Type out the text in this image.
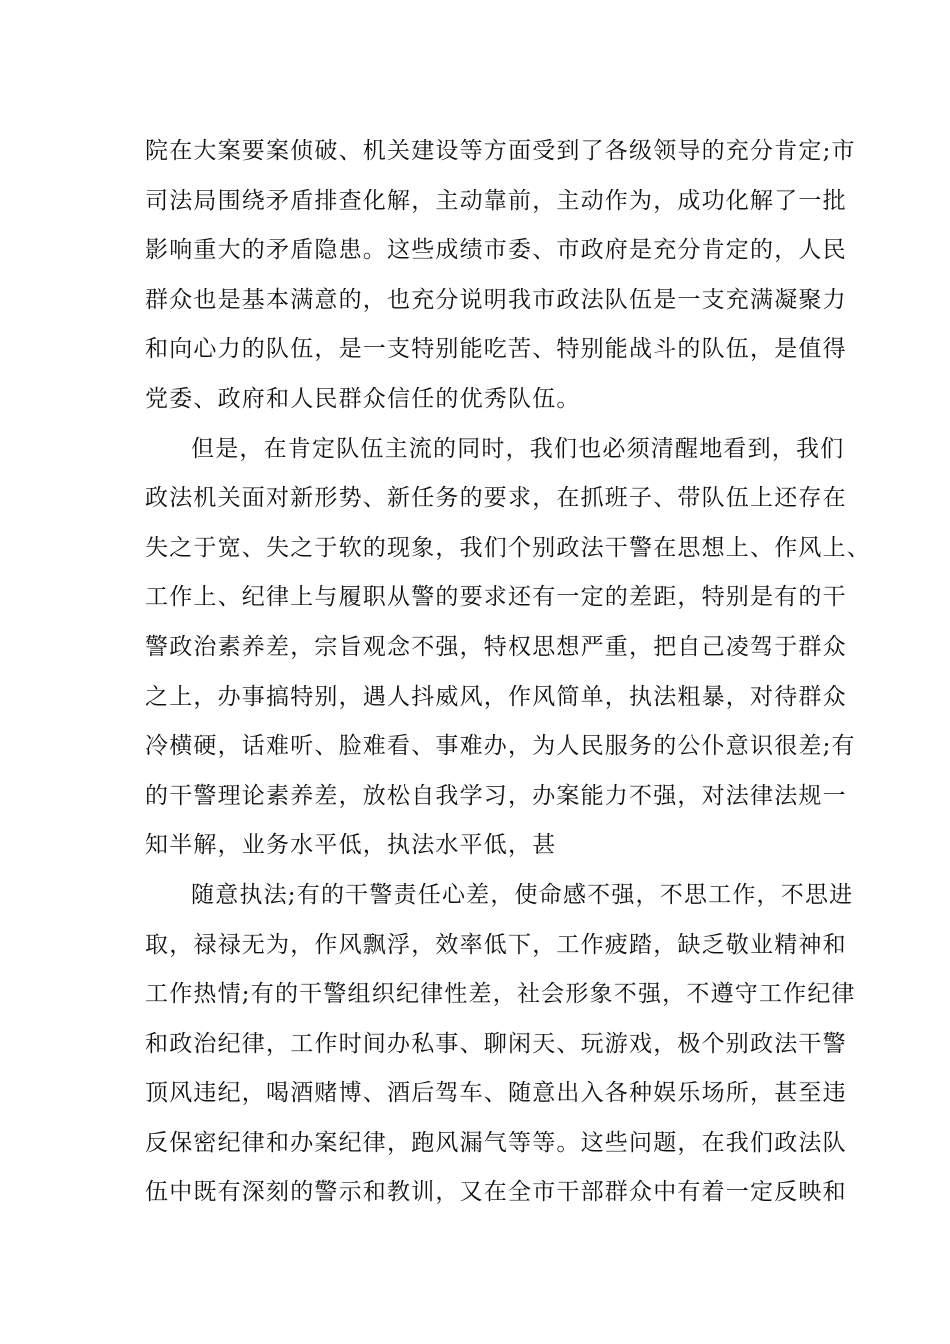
院在大案要案侦破、机关建设等方面受到了各级领导的充分肯定;市
司法局围绕矛盾排查化解，主动靠前，主动作为，成功化解了一批
影响重大的矛盾隐患。这些成绩市委、市政府是充分肯定的，人民
群众也是基本满意的，也充分说明我市政法队伍是一支充满凝聚力
和向心力的队伍，是一支特别能吃苦、特别能战斗的队伍，是值得
党委、政府和人民群众信任的优秀队伍。
但是，在肯定队伍主流的同时，我们也必须清醒地看到，我们
政法机关面对新形势、新任务的要求，在抓班子、带队伍上还存在
失之于宽、失之于软的现象，我们个别政法干警在思想上、作风上、
工作上、纪律上与履职从警的要求还有一定的差距，特别是有的干
警政治素养差，宗旨观念不强，特权思想严重，把自己凌驾于群众
之上，办事搞特别，遇人抖威风，作风简单，执法粗暴，对待群众
冷横硬，话难听、脸难看、事难办，为人民服务的公仆意识很差;有
的干警理论素养差，放松自我学习，办案能力不强，对法律法规一
知半解，业务水平低，执法水平低，甚
随意执法;有的干警责任心差，使命感不强，不思工作，不思进
取，禄禄无为，作风飘浮，效率低下，工作疲踏，缺乏敬业精神和
工作热情;有的干警组织纪律性差，社会形象不强，不遵守工作纪律
和政治纪律，工作时间办私事、聊闲天、玩游戏，极个别政法干警
顶风违纪，喝酒赌博、酒后驾车、随意出入各种娱乐场所，甚至违
反保密纪律和办案纪律，跑风漏气等等。这些问题，在我们政法队
伍中既有深刻的警示和教训，又在全市干部群众中有着一定反映和
